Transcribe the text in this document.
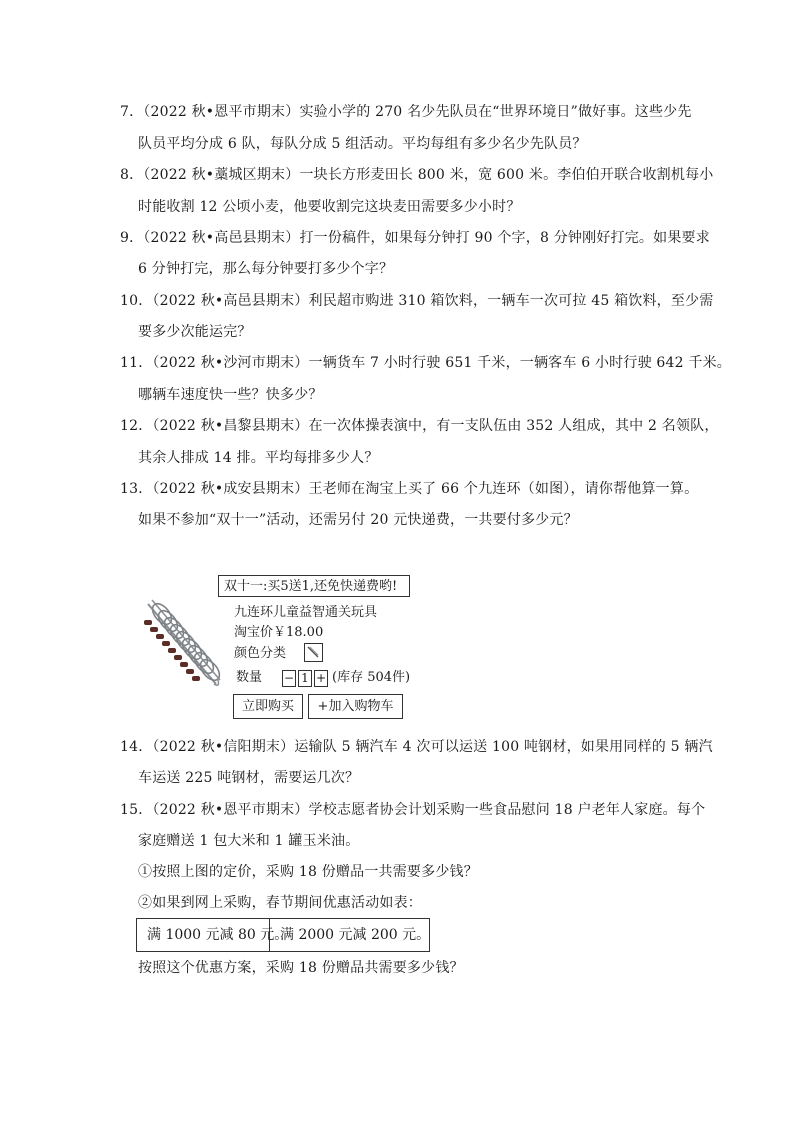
7．（2022 秋•恩平市期末）实验小学的 270 名少先队员在“世界环境日”做好事。这些少先
队员平均分成 6 队，每队分成 5 组活动。平均每组有多少名少先队员？
8．（2022 秋•藁城区期末）一块长方形麦田长 800 米，宽 600 米。李伯伯开联合收割机每小
时能收割 12 公顷小麦，他要收割完这块麦田需要多少小时？
9．（2022 秋•高邑县期末）打一份稿件，如果每分钟打 90 个字，8 分钟刚好打完。如果要求
6 分钟打完，那么每分钟要打多少个字？
10．（2022 秋•高邑县期末）利民超市购进 310 箱饮料，一辆车一次可拉 45 箱饮料，至少需
要多少次能运完？
11．（2022 秋•沙河市期末）一辆货车 7 小时行驶 651 千米，一辆客车 6 小时行驶 642 千米。
哪辆车速度快一些？快多少？
12．（2022 秋•昌黎县期末）在一次体操表演中，有一支队伍由 352 人组成，其中 2 名领队，
其余人排成 14 排。平均每排多少人？
13．（2022 秋•成安县期末）王老师在淘宝上买了 66 个九连环（如图），请你帮他算一算。
如果不参加“双十一”活动，还需另付 20 元快递费，一共要付多少元？
双十一:买5送1,还免快递费哟!
九连环儿童益智通关玩具
淘宝价￥18.00
颜色分类
数量 − 1 + (库存 504件)
立即购买	+加入购物车
14．（2022 秋•信阳期末）运输队 5 辆汽车 4 次可以运送 100 吨钢材，如果用同样的 5 辆汽
车运送 225 吨钢材，需要运几次？
15．（2022 秋•恩平市期末）学校志愿者协会计划采购一些食品慰问 18 户老年人家庭。每个
家庭赠送 1 包大米和 1 罐玉米油。
①按照上图的定价，采购 18 份赠品一共需要多少钱？
②如果到网上采购，春节期间优惠活动如表：
满 1000 元减 80 元。
满 2000 元减 200 元。
按照这个优惠方案，采购 18 份赠品共需要多少钱？
